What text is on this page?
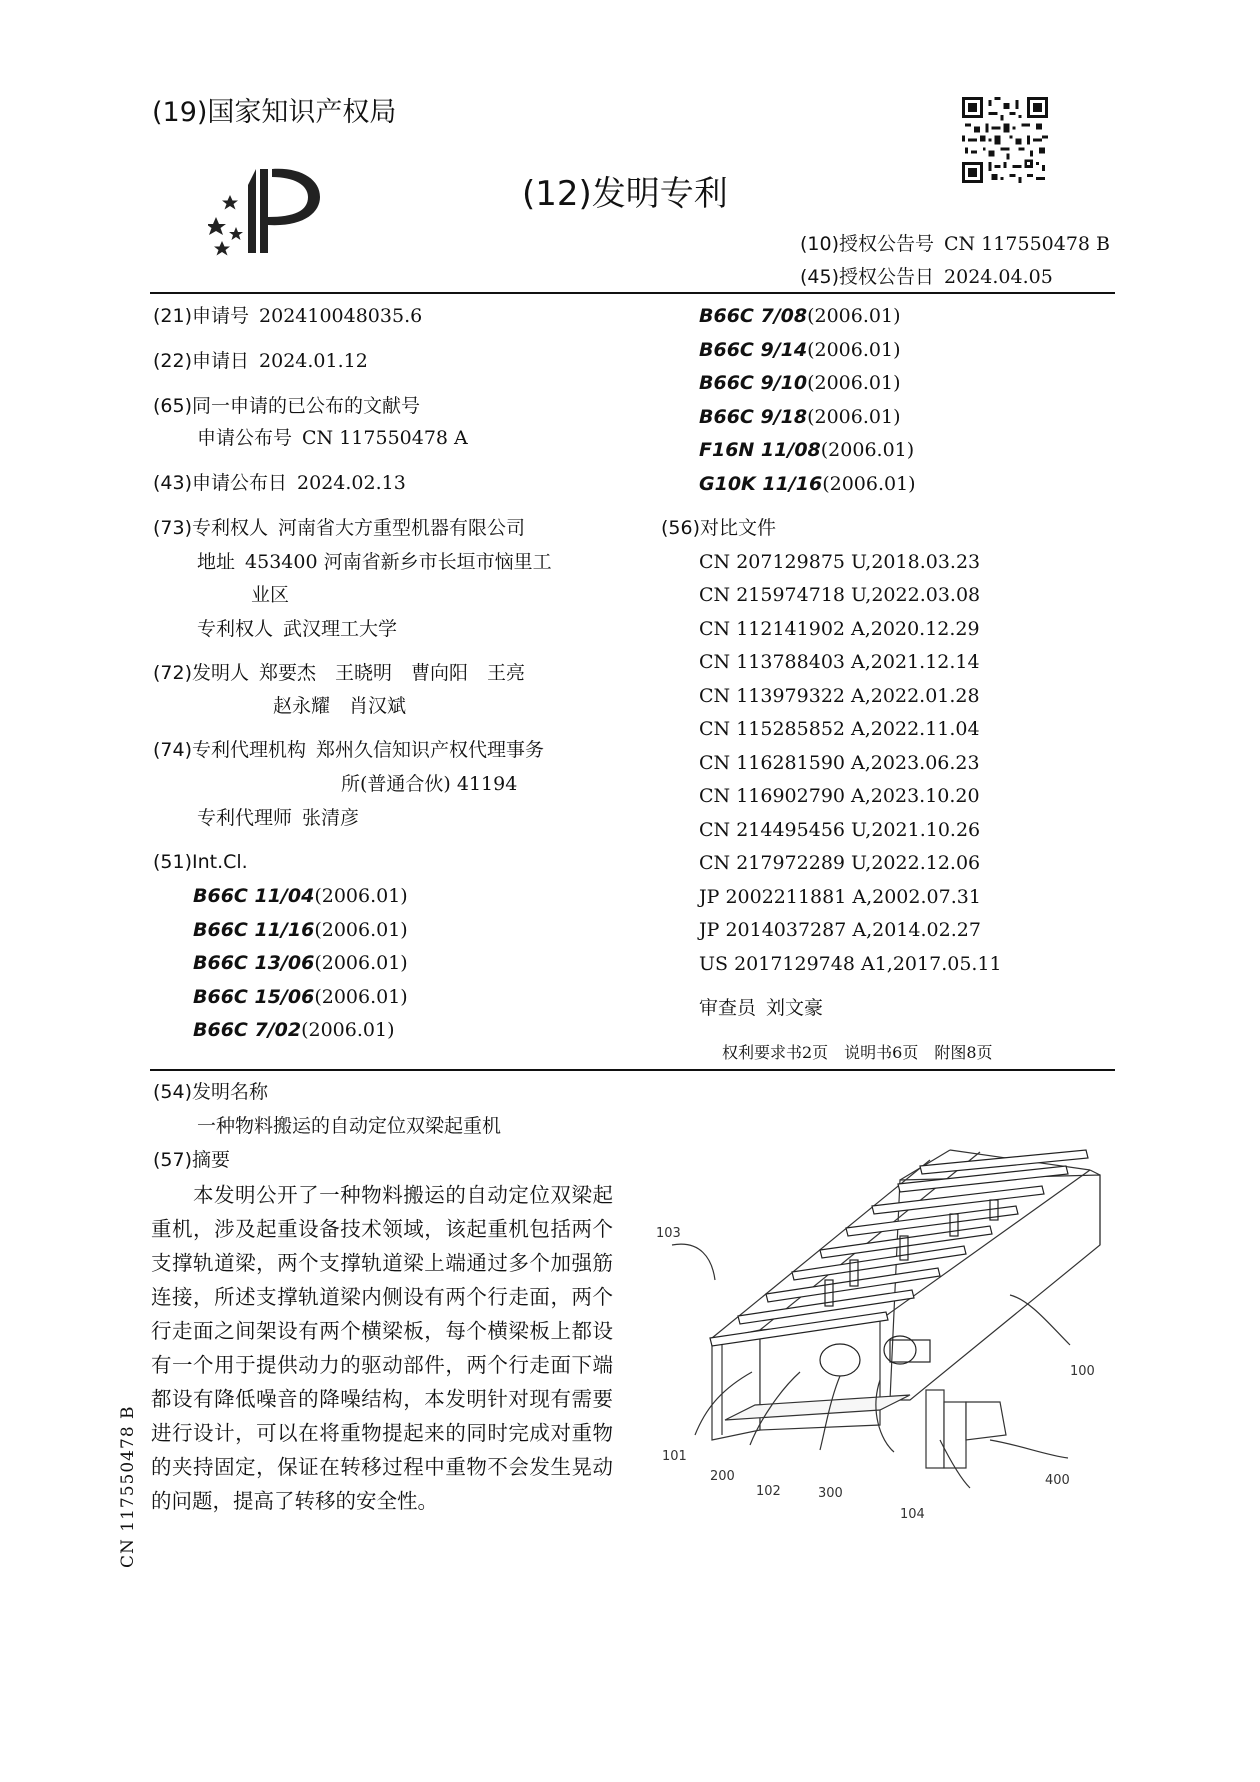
(19)国家知识产权局
(12)发明专利
(10)授权公告号 CN 117550478 B
(45)授权公告日 2024.04.05
(21)申请号 202410048035.6
(22)申请日 2024.01.12
(65)同一申请的已公布的文献号
申请公布号 CN 117550478 A
(43)申请公布日 2024.02.13
(73)专利权人 河南省大方重型机器有限公司
地址 453400 河南省新乡市长垣市恼里工
业区
专利权人 武汉理工大学
(72)发明人 郑要杰　王晓明　曹向阳　王亮
赵永耀　肖汉斌
(74)专利代理机构 郑州久信知识产权代理事务
所(普通合伙) 41194
专利代理师 张清彦
(51)Int.Cl.
B66C 11/04(2006.01)
B66C 11/16(2006.01)
B66C 13/06(2006.01)
B66C 15/06(2006.01)
B66C 7/02(2006.01)
B66C 7/08(2006.01)
B66C 9/14(2006.01)
B66C 9/10(2006.01)
B66C 9/18(2006.01)
F16N 11/08(2006.01)
G10K 11/16(2006.01)
(56)对比文件
CN 207129875 U,2018.03.23
CN 215974718 U,2022.03.08
CN 112141902 A,2020.12.29
CN 113788403 A,2021.12.14
CN 113979322 A,2022.01.28
CN 115285852 A,2022.11.04
CN 116281590 A,2023.06.23
CN 116902790 A,2023.10.20
CN 214495456 U,2021.10.26
CN 217972289 U,2022.12.06
JP 2002211881 A,2002.07.31
JP 2014037287 A,2014.02.27
US 2017129748 A1,2017.05.11
审查员 刘文豪
权利要求书2页　说明书6页　附图8页
(54)发明名称
一种物料搬运的自动定位双梁起重机
(57)摘要
本发明公开了一种物料搬运的自动定位双梁起重机，涉及起重设备技术领域，该起重机包括两个支撑轨道梁，两个支撑轨道梁上端通过多个加强筋连接，所述支撑轨道梁内侧设有两个行走面，两个行走面之间架设有两个横梁板，每个横梁板上都设有一个用于提供动力的驱动部件，两个行走面下端都设有降低噪音的降噪结构，本发明针对现有需要进行设计，可以在将重物提起来的同时完成对重物的夹持固定，保证在转移过程中重物不会发生晃动的问题，提高了转移的安全性。
CN 117550478 B
103
100
101
200
102	300
104
400
